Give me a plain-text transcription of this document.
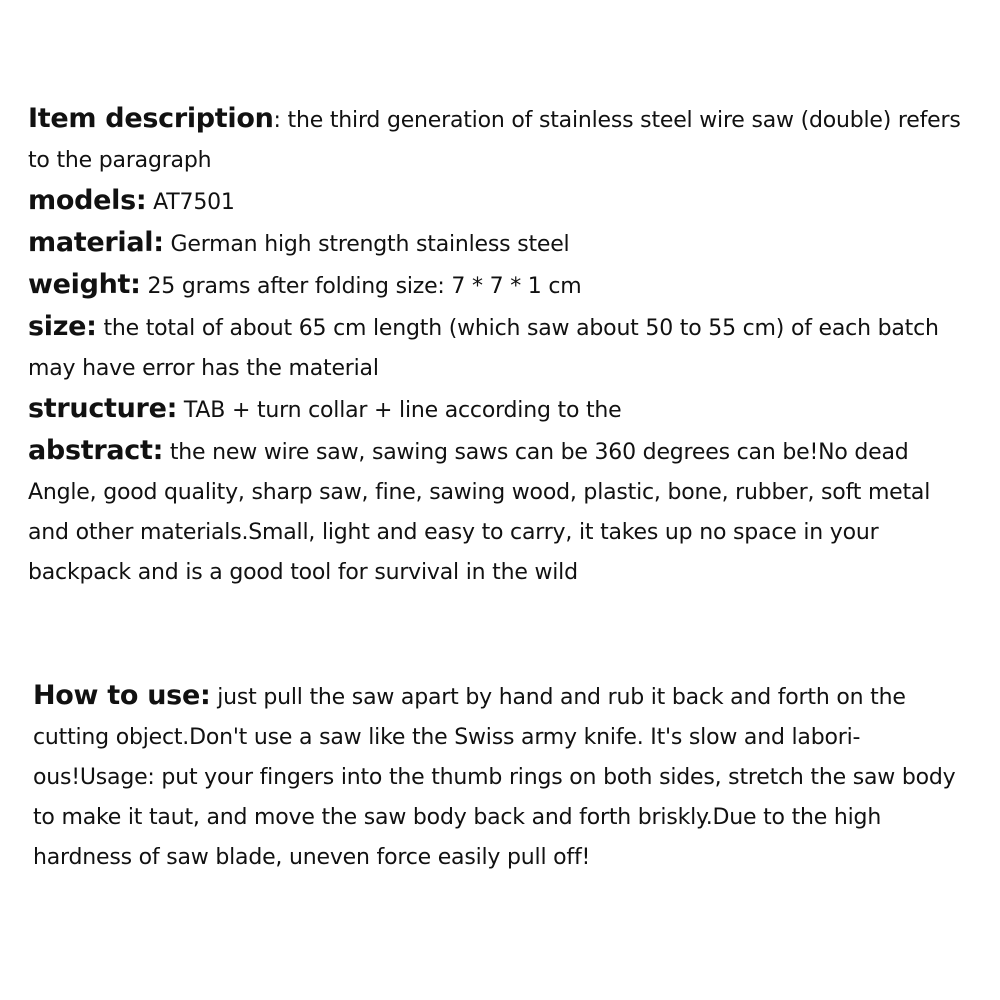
Item description: the third generation of stainless steel wire saw (double) refers to the paragraph

models: AT7501

material: German high strength stainless steel

weight: 25 grams after folding size: 7 * 7 * 1 cm

size: the total of about 65 cm length (which saw about 50 to 55 cm) of each batch may have error has the material

structure: TAB + turn collar + line according to the

abstract: the new wire saw, sawing saws can be 360 degrees can be!No dead Angle, good quality, sharp saw, fine, sawing wood, plastic, bone, rubber, soft metal and other materials.Small, light and easy to carry, it takes up no space in your backpack and is a good tool for survival in the wild

How to use: just pull the saw apart by hand and rub it back and forth on the cutting object.Don't use a saw like the Swiss army knife. It's slow and labori-ous!Usage: put your fingers into the thumb rings on both sides, stretch the saw body to make it taut, and move the saw body back and forth briskly.Due to the high hardness of saw blade, uneven force easily pull off!
